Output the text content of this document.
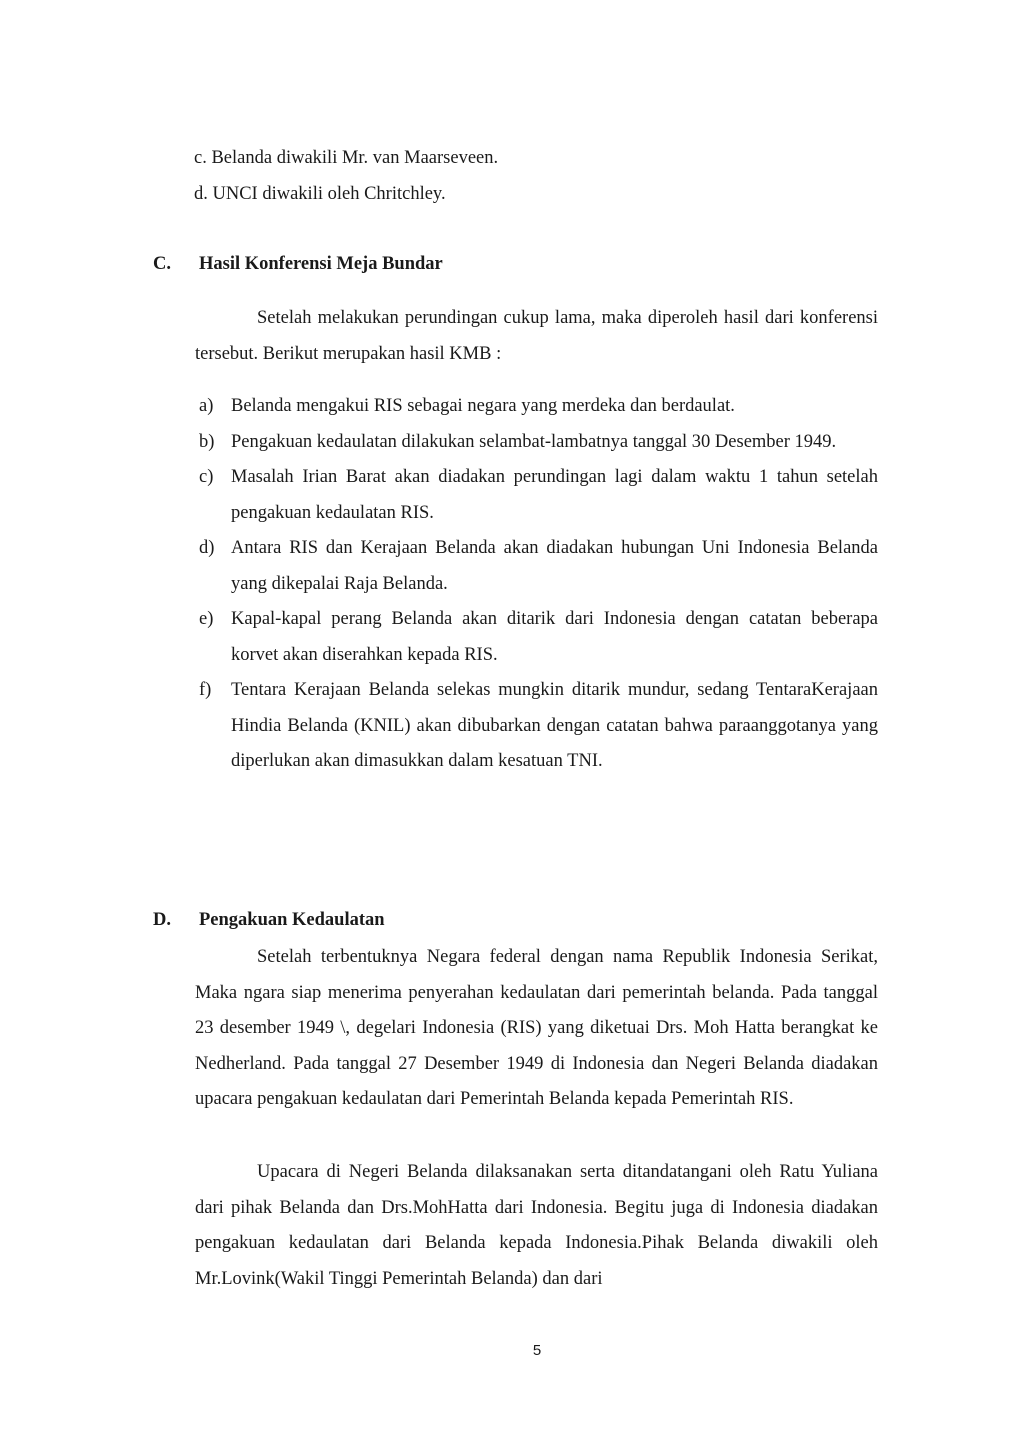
c. Belanda diwakili Mr. van Maarseveen.
d. UNCI diwakili oleh Chritchley.
C. Hasil Konferensi Meja Bundar
Setelah melakukan perundingan cukup lama, maka diperoleh hasil dari konferensi tersebut. Berikut merupakan hasil KMB :
a) Belanda mengakui RIS sebagai negara yang merdeka dan berdaulat.
b) Pengakuan kedaulatan dilakukan selambat-lambatnya tanggal 30 Desember 1949.
c) Masalah Irian Barat akan diadakan perundingan lagi dalam waktu 1 tahun setelah pengakuan kedaulatan RIS.
d) Antara RIS dan Kerajaan Belanda akan diadakan hubungan Uni Indonesia Belanda yang dikepalai Raja Belanda.
e) Kapal-kapal perang Belanda akan ditarik dari Indonesia dengan catatan beberapa korvet akan diserahkan kepada RIS.
f) Tentara Kerajaan Belanda selekas mungkin ditarik mundur, sedang TentaraKerajaan Hindia Belanda (KNIL) akan dibubarkan dengan catatan bahwa paraanggotanya yang diperlukan akan dimasukkan dalam kesatuan TNI.
D. Pengakuan Kedaulatan
Setelah terbentuknya Negara federal dengan nama Republik Indonesia Serikat, Maka ngara siap menerima penyerahan kedaulatan dari pemerintah belanda. Pada tanggal 23 desember 1949 \, degelari Indonesia (RIS) yang diketuai Drs. Moh Hatta berangkat ke Nedherland. Pada tanggal 27 Desember 1949 di Indonesia dan Negeri Belanda diadakan upacara pengakuan kedaulatan dari Pemerintah Belanda kepada Pemerintah RIS.
Upacara di Negeri Belanda dilaksanakan serta ditandatangani oleh Ratu Yuliana dari pihak Belanda dan Drs.MohHatta dari Indonesia. Begitu juga di Indonesia diadakan pengakuan kedaulatan dari Belanda kepada Indonesia.Pihak Belanda diwakili oleh Mr.Lovink(Wakil Tinggi Pemerintah Belanda) dan dari
5
